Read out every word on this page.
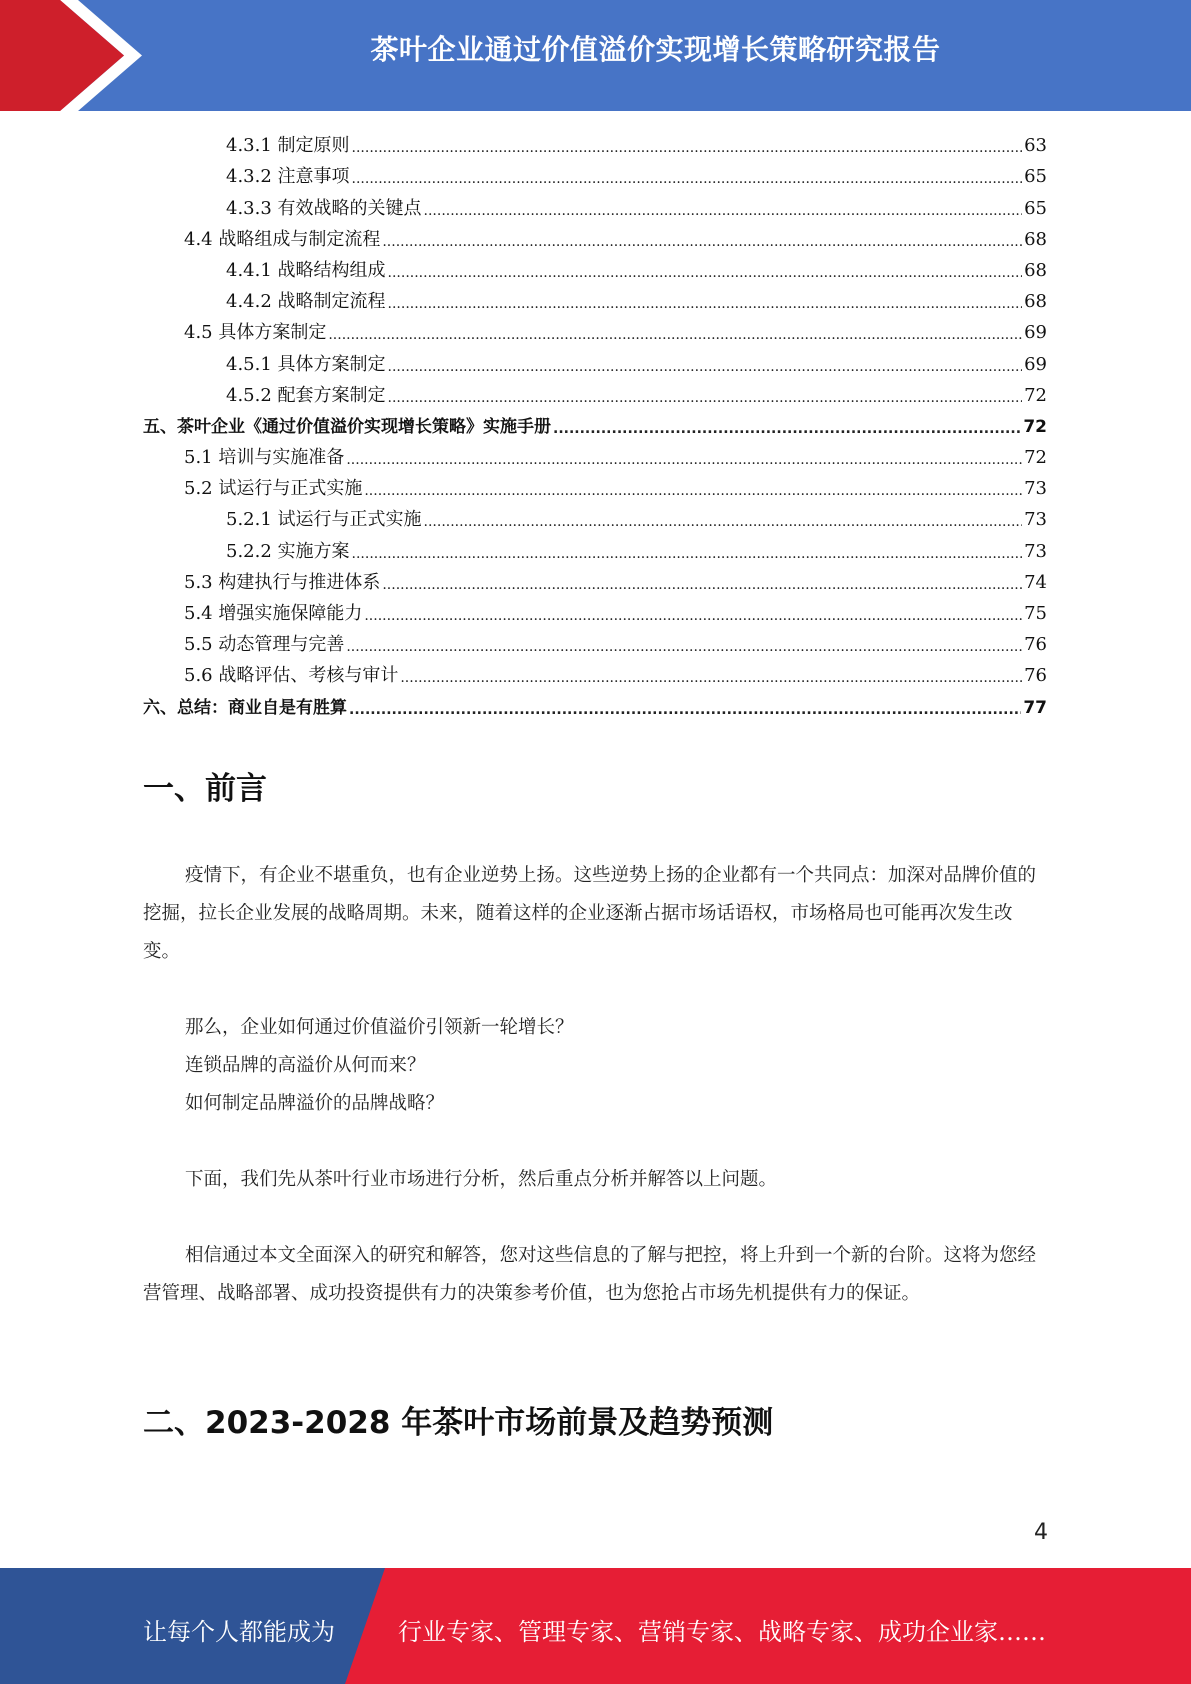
茶叶企业通过价值溢价实现增长策略研究报告
4.3.1 制定原则 .....	63
4.3.2 注意事项 .....	65
4.3.3 有效战略的关键点 .....	65
4.4 战略组成与制定流程 .....	68
4.4.1 战略结构组成 .....	68
4.4.2 战略制定流程 .....	68
4.5 具体方案制定 .....	69
4.5.1 具体方案制定 .....	69
4.5.2 配套方案制定 .....	72
五、茶叶企业《通过价值溢价实现增长策略》实施手册 .....	72
5.1 培训与实施准备 .....	72
5.2 试运行与正式实施 .....	73
5.2.1 试运行与正式实施 .....	73
5.2.2 实施方案 .....	73
5.3 构建执行与推进体系 .....	74
5.4 增强实施保障能力 .....	75
5.5 动态管理与完善 .....	76
5.6 战略评估、考核与审计 .....	76
六、总结：商业自是有胜算 .....	77
一、前言
疫情下，有企业不堪重负，也有企业逆势上扬。这些逆势上扬的企业都有一个共同点：加深对品牌价值的挖掘，拉长企业发展的战略周期。未来，随着这样的企业逐渐占据市场话语权，市场格局也可能再次发生改变。
那么，企业如何通过价值溢价引领新一轮增长？
连锁品牌的高溢价从何而来？
如何制定品牌溢价的品牌战略？
下面，我们先从茶叶行业市场进行分析，然后重点分析并解答以上问题。
相信通过本文全面深入的研究和解答，您对这些信息的了解与把控，将上升到一个新的台阶。这将为您经营管理、战略部署、成功投资提供有力的决策参考价值，也为您抢占市场先机提供有力的保证。
二、2023-2028 年茶叶市场前景及趋势预测
4
让每个人都能成为	行业专家、管理专家、营销专家、战略专家、成功企业家……
